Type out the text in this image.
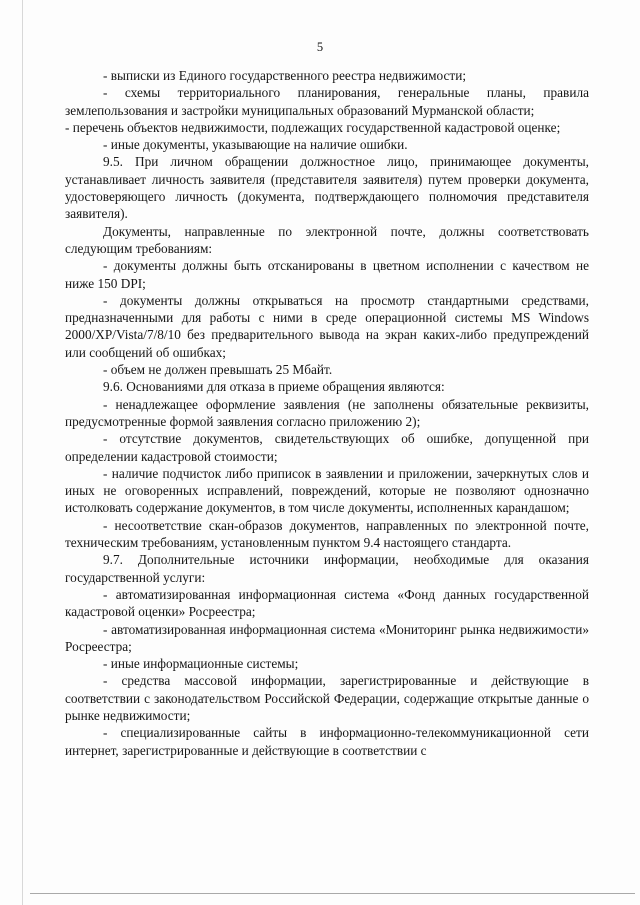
5

- выписки из Единого государственного реестра недвижимости;

- схемы территориального планирования, генеральные планы, правила землепользования и застройки муниципальных образований Мурманской области;

- перечень объектов недвижимости, подлежащих государственной кадастровой оценке;

- иные документы, указывающие на наличие ошибки.

9.5. При личном обращении должностное лицо, принимающее документы, устанавливает личность заявителя (представителя заявителя) путем проверки документа, удостоверяющего личность (документа, подтверждающего полномочия представителя заявителя).

Документы, направленные по электронной почте, должны соответствовать следующим требованиям:

- документы должны быть отсканированы в цветном исполнении с качеством не ниже 150 DPI;

- документы должны открываться на просмотр стандартными средствами, предназначенными для работы с ними в среде операционной системы MS Windows 2000/XP/Vista/7/8/10 без предварительного вывода на экран каких-либо предупреждений или сообщений об ошибках;

- объем не должен превышать 25 Мбайт.

9.6. Основаниями для отказа в приеме обращения являются:

- ненадлежащее оформление заявления (не заполнены обязательные реквизиты, предусмотренные формой заявления согласно приложению 2);

- отсутствие документов, свидетельствующих об ошибке, допущенной при определении кадастровой стоимости;

- наличие подчисток либо приписок в заявлении и приложении, зачеркнутых слов и иных не оговоренных исправлений, повреждений, которые не позволяют однозначно истолковать содержание документов, в том числе документы, исполненных карандашом;

- несоответствие скан-образов документов, направленных по электронной почте, техническим требованиям, установленным пунктом 9.4 настоящего стандарта.

9.7. Дополнительные источники информации, необходимые для оказания государственной услуги:

- автоматизированная информационная система «Фонд данных государственной кадастровой оценки» Росреестра;

- автоматизированная информационная система «Мониторинг рынка недвижимости» Росреестра;

- иные информационные системы;

- средства массовой информации, зарегистрированные и действующие в соответствии с законодательством Российской Федерации, содержащие открытые данные о рынке недвижимости;

- специализированные сайты в информационно-телекоммуникационной сети интернет, зарегистрированные и действующие в соответствии с
